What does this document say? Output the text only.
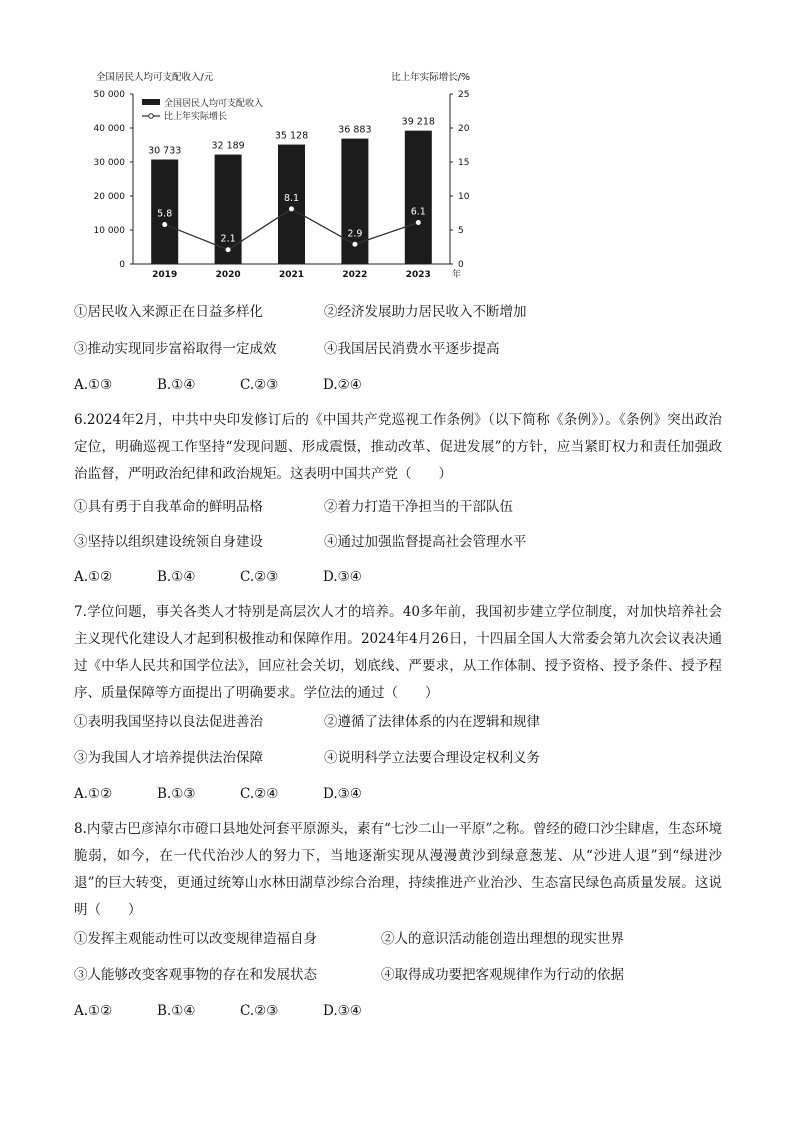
全国居民人均可支配收入/元	比上年实际增长/%
0
10 000
20 000
30 000
40 000
50 000
0
5
10
15
20
25
30 733
2019
32 189
2020
35 128
2021
36 883
2022
39 218
2023 年
5.8
2.1
8.1
2.9
6.1
全国居民人均可支配收入
比上年实际增长
①居民收入来源正在日益多样化	②经济发展助力居民收入不断增加
③推动实现同步富裕取得一定成效	④我国居民消费水平逐步提高
A.①③	B.①④	C.②③	D.②④
6.2024年2月，中共中央印发修订后的《中国共产党巡视工作条例》（以下简称《条例》）。《条例》突出政治定位，明确巡视工作坚持“发现问题、形成震慑，推动改革、促进发展”的方针，应当紧盯权力和责任加强政治监督，严明政治纪律和政治规矩。这表明中国共产党（　　）
①具有勇于自我革命的鲜明品格	②着力打造干净担当的干部队伍
③坚持以组织建设统领自身建设	④通过加强监督提高社会管理水平
A.①②	B.①④	C.②③	D.③④
7.学位问题，事关各类人才特别是高层次人才的培养。40多年前，我国初步建立学位制度，对加快培养社会主义现代化建设人才起到积极推动和保障作用。2024年4月26日，十四届全国人大常委会第九次会议表决通过《中华人民共和国学位法》，回应社会关切，划底线、严要求，从工作体制、授予资格、授予条件、授予程序、质量保障等方面提出了明确要求。学位法的通过（　　）
①表明我国坚持以良法促进善治	②遵循了法律体系的内在逻辑和规律
③为我国人才培养提供法治保障	④说明科学立法要合理设定权利义务
A.①②	B.①③	C.②④	D.③④
8.内蒙古巴彦淖尔市磴口县地处河套平原源头，素有“七沙二山一平原”之称。曾经的磴口沙尘肆虐，生态环境脆弱，如今，在一代代治沙人的努力下，当地逐渐实现从漫漫黄沙到绿意葱茏、从“沙进人退”到“绿进沙退”的巨大转变，更通过统筹山水林田湖草沙综合治理，持续推进产业治沙、生态富民绿色高质量发展。这说明（　　）
①发挥主观能动性可以改变规律造福自身	②人的意识活动能创造出理想的现实世界
③人能够改变客观事物的存在和发展状态	④取得成功要把客观规律作为行动的依据
A.①②	B.①④	C.②③	D.③④
